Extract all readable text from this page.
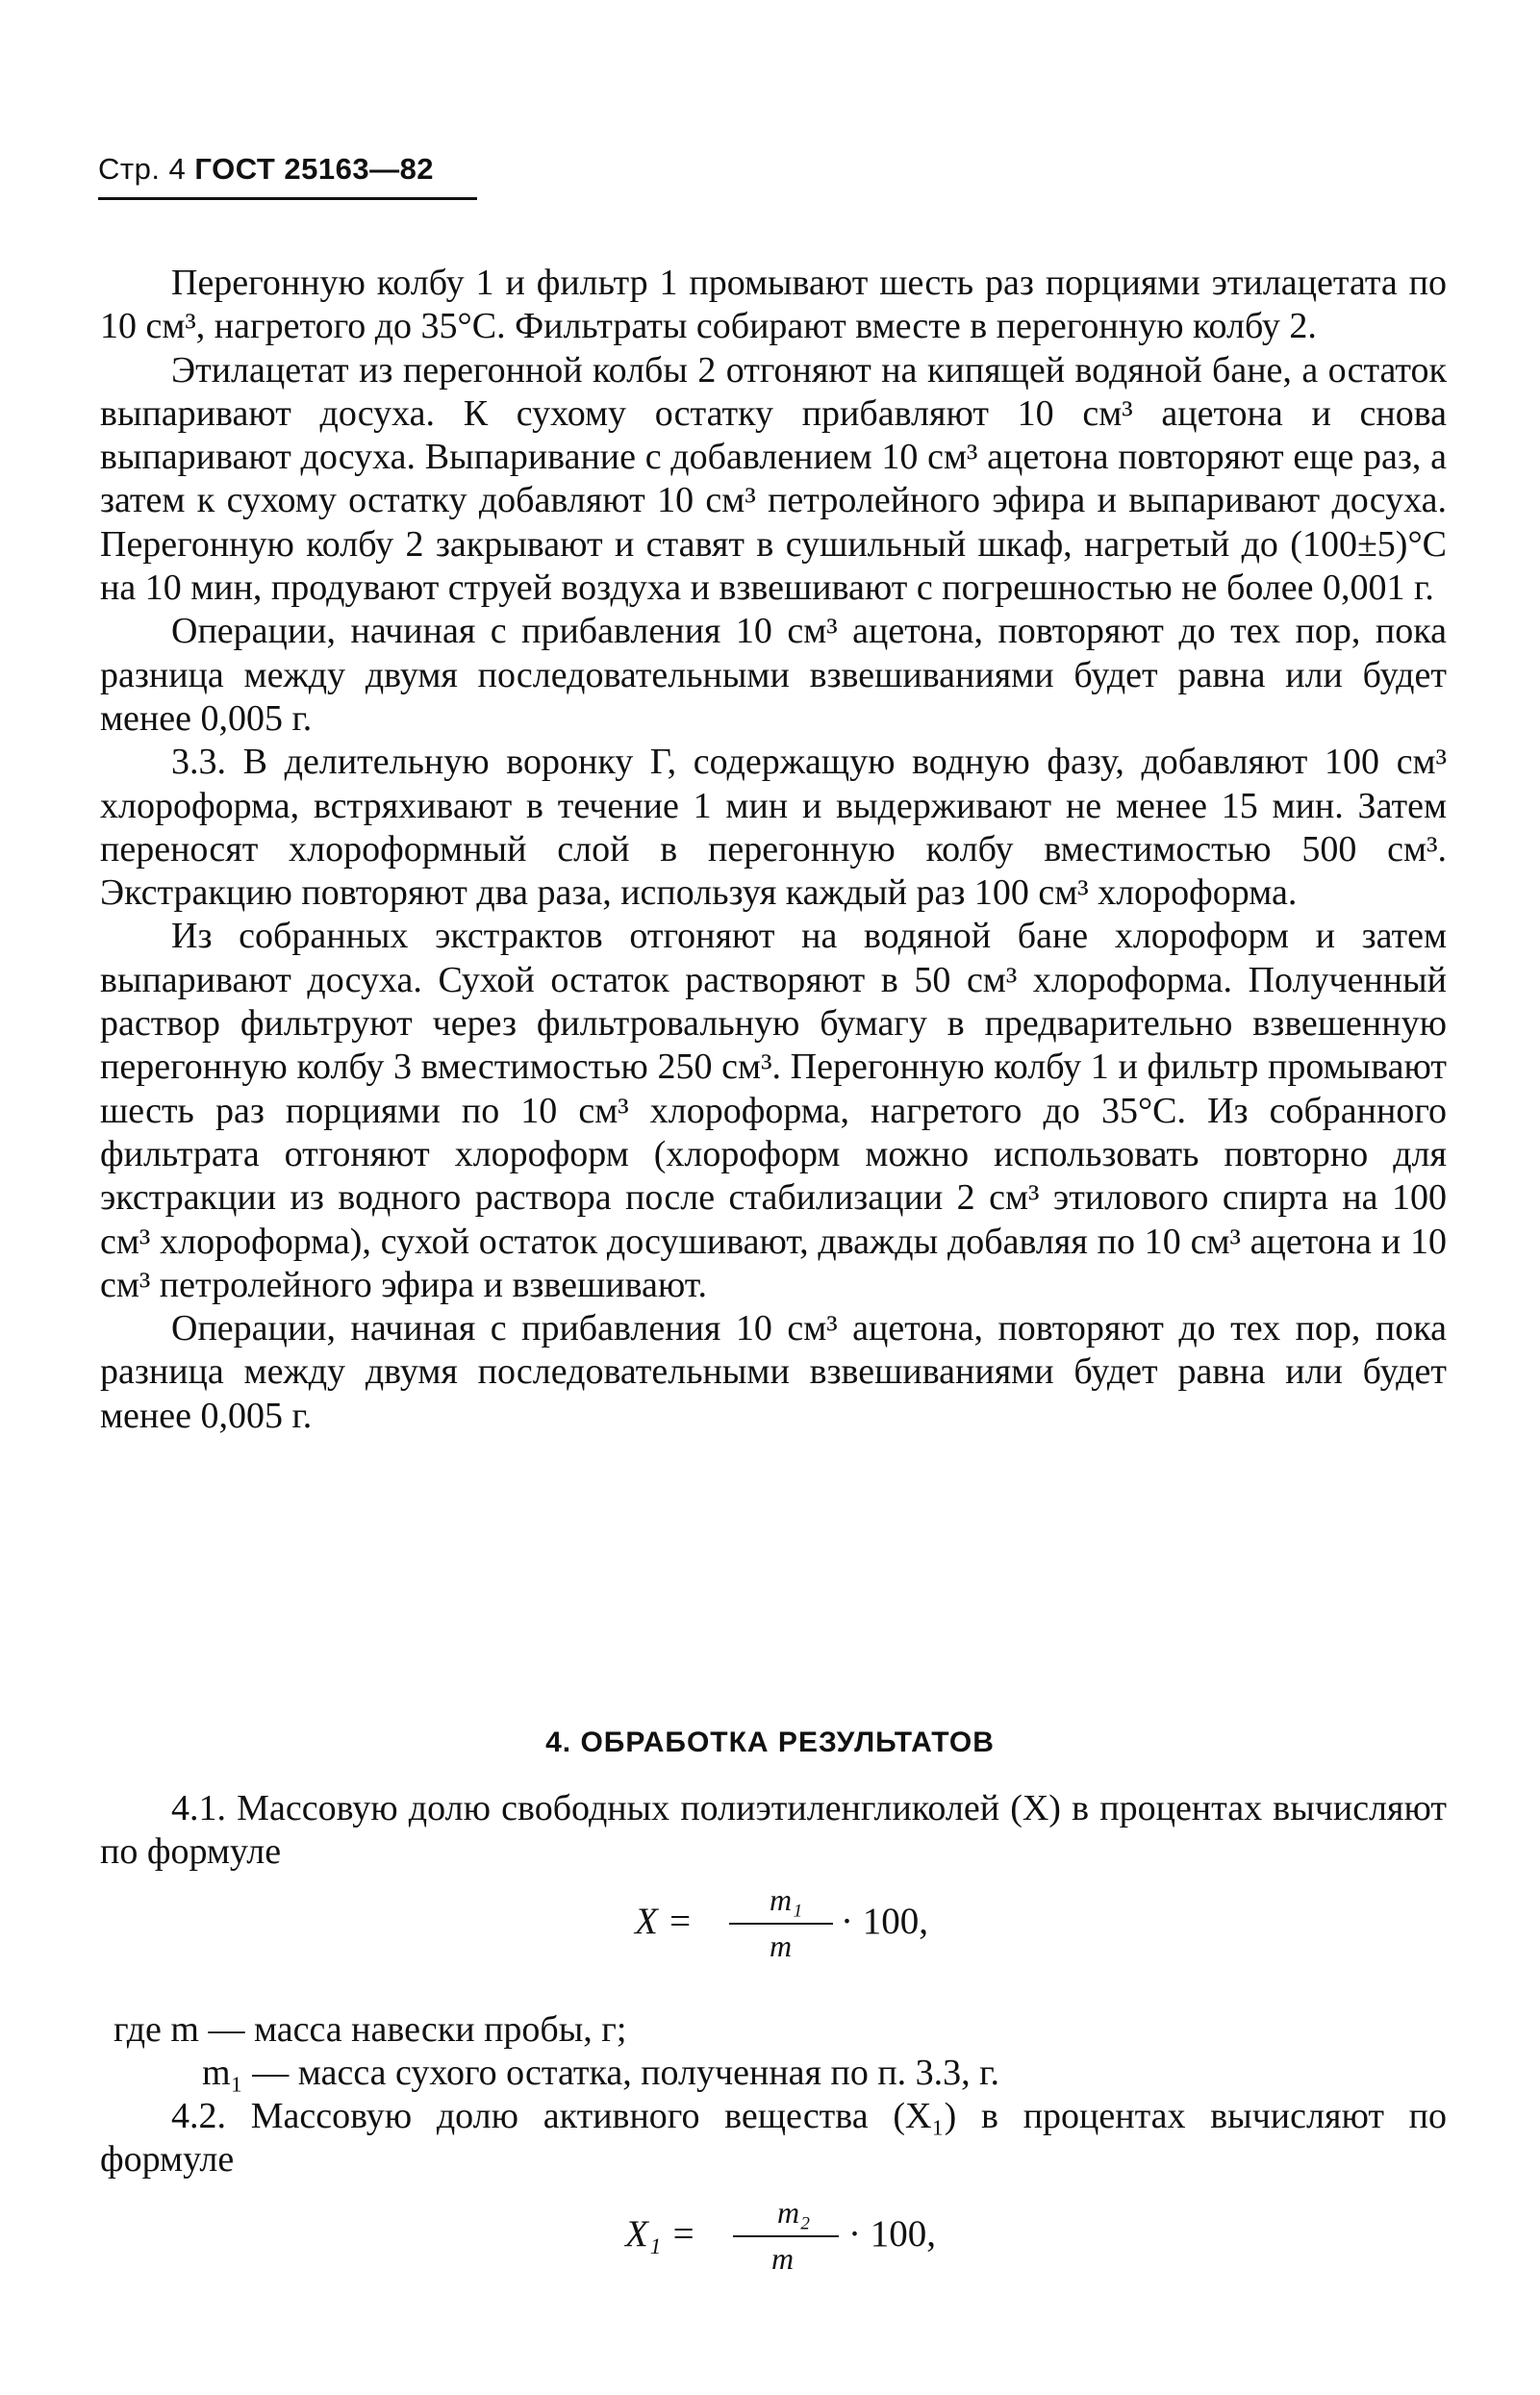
Стр. 4 ГОСТ 25163—82

Перегонную колбу 1 и фильтр 1 промывают шесть раз порциями этилацетата по 10 см³, нагретого до 35°С. Фильтраты собирают вместе в перегонную колбу 2.

Этилацетат из перегонной колбы 2 отгоняют на кипящей водяной бане, а остаток выпаривают досуха. К сухому остатку прибавляют 10 см³ ацетона и снова выпаривают досуха. Выпаривание с добавлением 10 см³ ацетона повторяют еще раз, а затем к сухому остатку добавляют 10 см³ петролейного эфира и выпаривают досуха. Перегонную колбу 2 закрывают и ставят в сушильный шкаф, нагретый до (100±5)°С на 10 мин, продувают струей воздуха и взвешивают с погрешностью не более 0,001 г.

Операции, начиная с прибавления 10 см³ ацетона, повторяют до тех пор, пока разница между двумя последовательными взвешиваниями будет равна или будет менее 0,005 г.

3.3. В делительную воронку Г, содержащую водную фазу, добавляют 100 см³ хлороформа, встряхивают в течение 1 мин и выдерживают не менее 15 мин. Затем переносят хлороформный слой в перегонную колбу вместимостью 500 см³. Экстракцию повторяют два раза, используя каждый раз 100 см³ хлороформа.

Из собранных экстрактов отгоняют на водяной бане хлороформ и затем выпаривают досуха. Сухой остаток растворяют в 50 см³ хлороформа. Полученный раствор фильтруют через фильтровальную бумагу в предварительно взвешенную перегонную колбу 3 вместимостью 250 см³. Перегонную колбу 1 и фильтр промывают шесть раз порциями по 10 см³ хлороформа, нагретого до 35°С. Из собранного фильтрата отгоняют хлороформ (хлороформ можно использовать повторно для экстракции из водного раствора после стабилизации 2 см³ этилового спирта на 100 см³ хлороформа), сухой остаток досушивают, дважды добавляя по 10 см³ ацетона и 10 см³ петролейного эфира и взвешивают.

Операции, начиная с прибавления 10 см³ ацетона, повторяют до тех пор, пока разница между двумя последовательными взвешиваниями будет равна или будет менее 0,005 г.

4. ОБРАБОТКА РЕЗУЛЬТАТОВ

4.1. Массовую долю свободных полиэтиленгликолей (X) в процентах вычисляют по формуле

X =
m₁
m
· 100,
где m — масса навески пробы, г;
m₁ — масса сухого остатка, полученная по п. 3.3, г.

4.2. Массовую долю активного вещества (X₁) в процентах вычисляют по формуле

X₁ =
m₂
m
· 100,
